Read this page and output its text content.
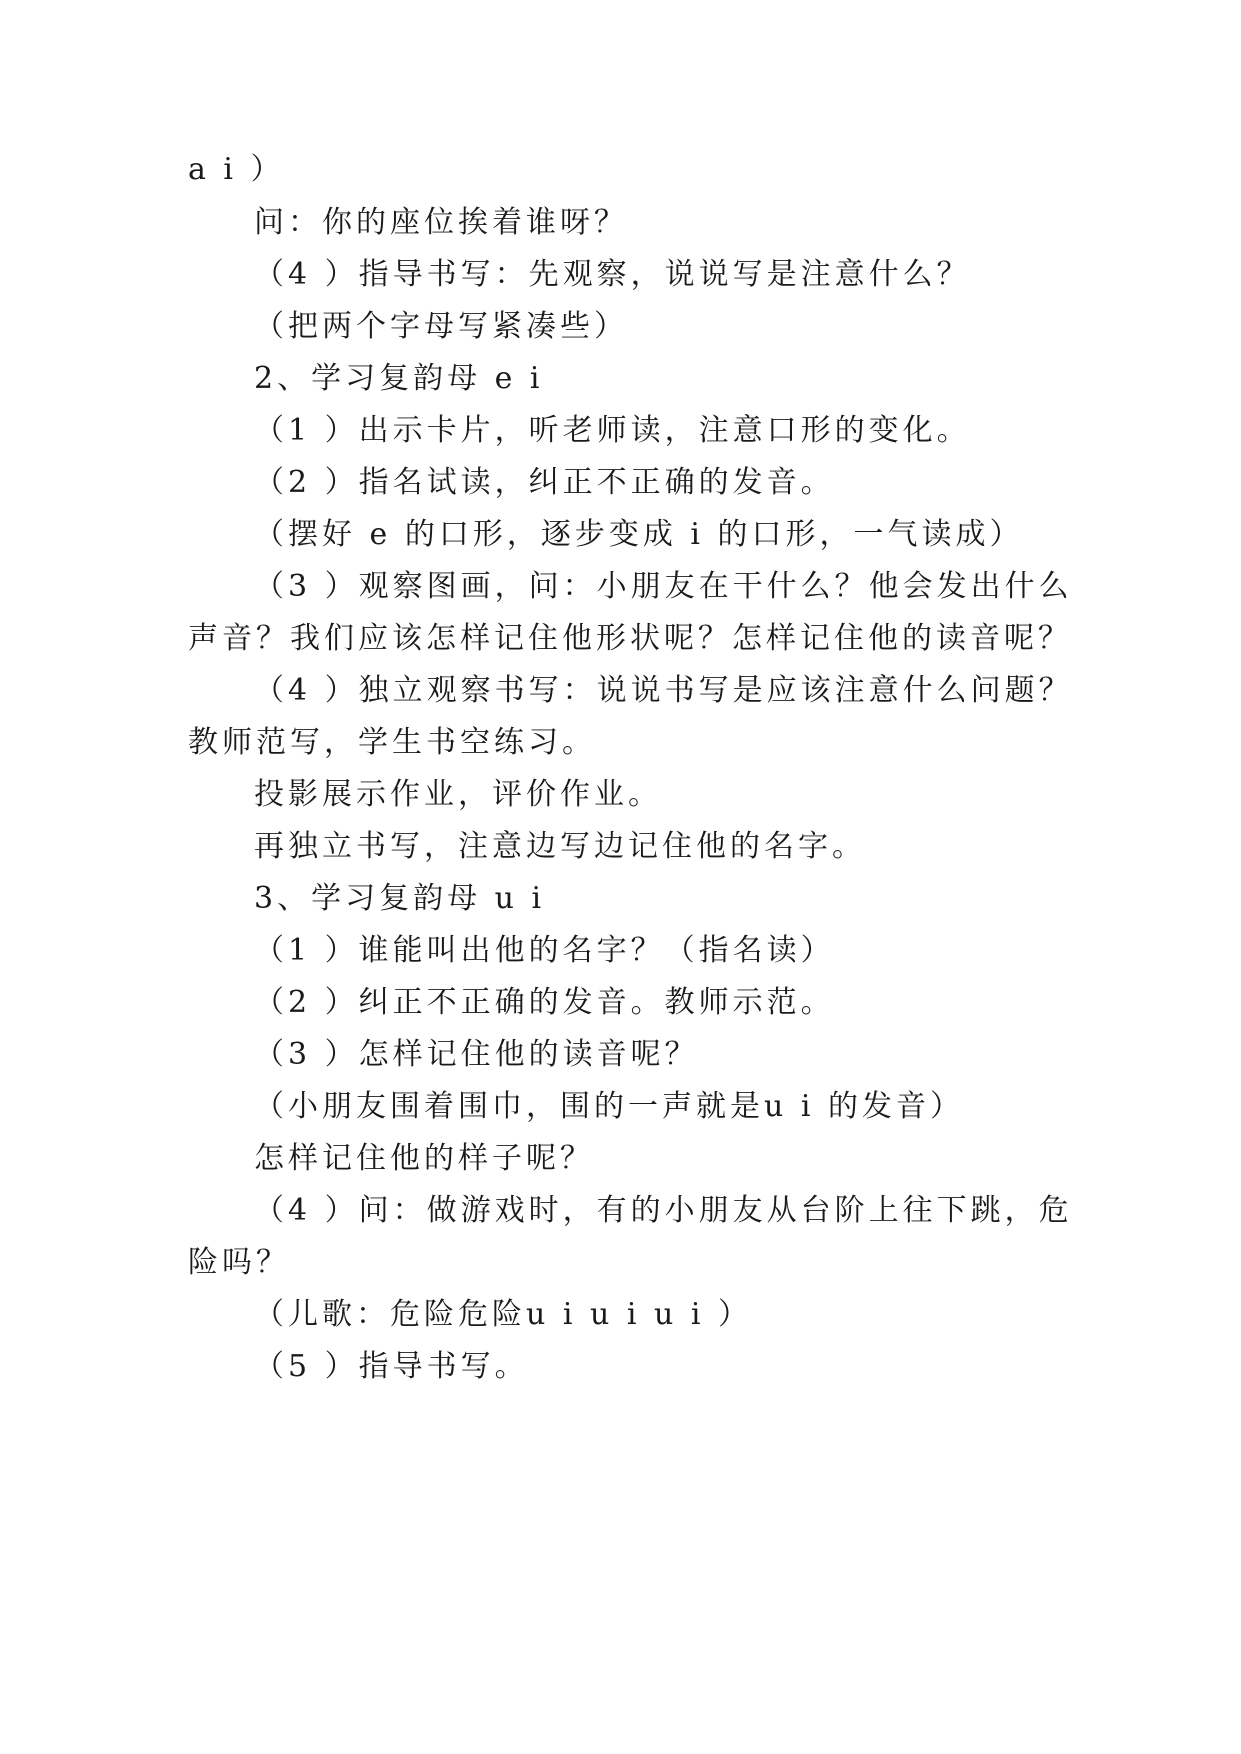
a i ）

问：你的座位挨着谁呀？

（4 ）指导书写：先观察，说说写是注意什么？

（把两个字母写紧凑些）

2、学习复韵母 e i

（1 ）出示卡片，听老师读，注意口形的变化。

（2 ）指名试读，纠正不正确的发音。

（摆好 e 的口形，逐步变成 i 的口形，一气读成）

（3 ）观察图画，问：小朋友在干什么？他会发出什么

声音？我们应该怎样记住他形状呢？怎样记住他的读音呢？

（4 ）独立观察书写：说说书写是应该注意什么问题？

教师范写，学生书空练习。

投影展示作业，评价作业。

再独立书写，注意边写边记住他的名字。

3、学习复韵母 u i

（1 ）谁能叫出他的名字？（指名读）

（2 ）纠正不正确的发音。教师示范。

（3 ）怎样记住他的读音呢？

（小朋友围着围巾，围的一声就是u i 的发音）

怎样记住他的样子呢？

（4 ）问：做游戏时，有的小朋友从台阶上往下跳，危

险吗？

（儿歌：危险危险u i u i u i ）

（5 ）指导书写。
